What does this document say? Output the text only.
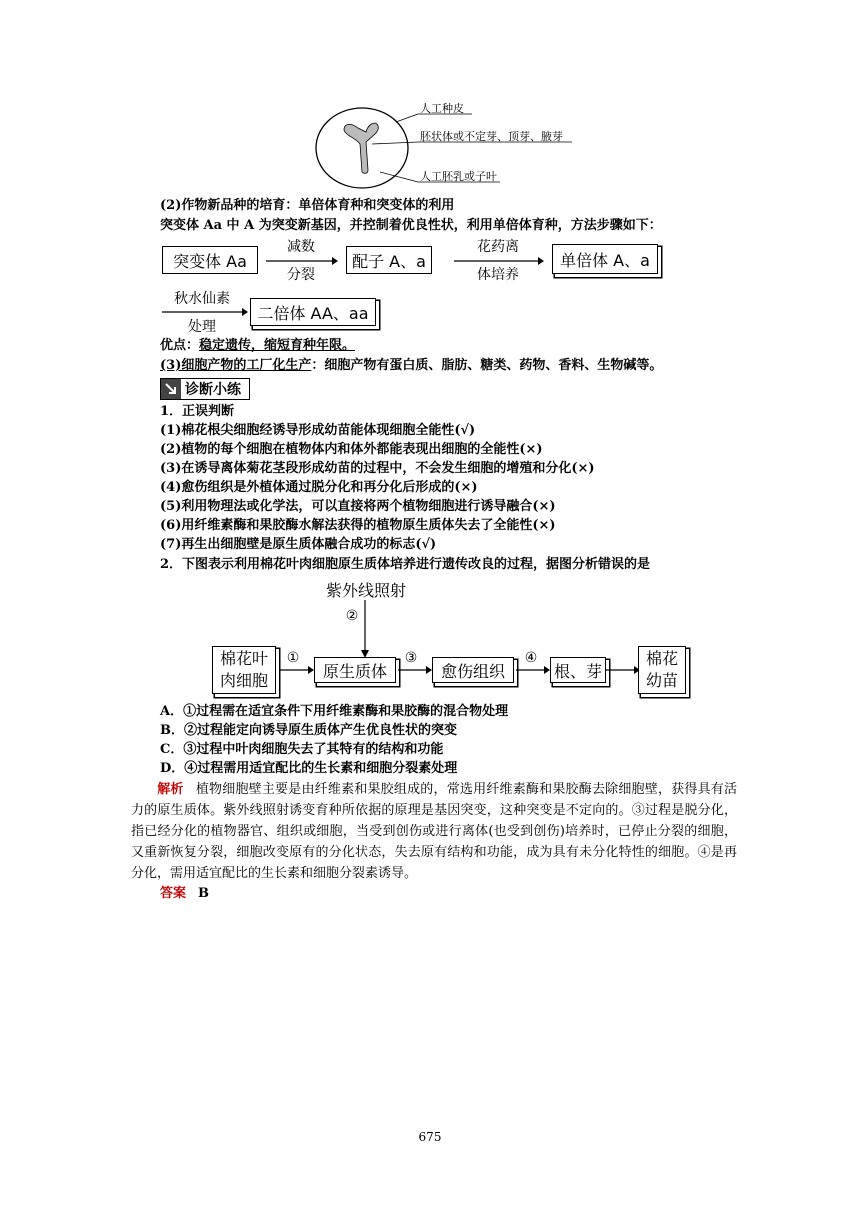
人工种皮
胚状体或不定芽、顶芽、腋芽
人工胚乳或子叶
(2)作物新品种的培育：单倍体育种和突变体的利用
突变体 Aa 中 A 为突变新基因，并控制着优良性状，利用单倍体育种，方法步骤如下：
突变体 Aa
减数
分裂
配子 A、a
花药离
体培养
单倍体 A、a
秋水仙素
处理
二倍体 AA、aa
优点：稳定遗传，缩短育种年限。
(3)细胞产物的工厂化生产：细胞产物有蛋白质、脂肪、糖类、药物、香料、生物碱等。
诊断小练
1．正误判断
(1)棉花根尖细胞经诱导形成幼苗能体现细胞全能性(√)
(2)植物的每个细胞在植物体内和体外都能表现出细胞的全能性(×)
(3)在诱导离体菊花茎段形成幼苗的过程中，不会发生细胞的增殖和分化(×)
(4)愈伤组织是外植体通过脱分化和再分化后形成的(×)
(5)利用物理法或化学法，可以直接将两个植物细胞进行诱导融合(×)
(6)用纤维素酶和果胶酶水解法获得的植物原生质体失去了全能性(×)
(7)再生出细胞壁是原生质体融合成功的标志(√)
2．下图表示利用棉花叶肉细胞原生质体培养进行遗传改良的过程，据图分析错误的是
紫外线照射
②
棉花叶
肉细胞
①
原生质体
③
愈伤组织
④
根、芽
棉花
幼苗
A．①过程需在适宜条件下用纤维素酶和果胶酶的混合物处理
B．②过程能定向诱导原生质体产生优良性状的突变
C．③过程中叶肉细胞失去了其特有的结构和功能
D．④过程需用适宜配比的生长素和细胞分裂素处理
解析 植物细胞壁主要是由纤维素和果胶组成的，常选用纤维素酶和果胶酶去除细胞壁，获得具有活力的原生质体。紫外线照射诱变育种所依据的原理是基因突变，这种突变是不定向的。③过程是脱分化，指已经分化的植物器官、组织或细胞，当受到创伤或进行离体(也受到创伤)培养时，已停止分裂的细胞，又重新恢复分裂，细胞改变原有的分化状态，失去原有结构和功能，成为具有未分化特性的细胞。④是再分化，需用适宜配比的生长素和细胞分裂素诱导。
答案 B
675
